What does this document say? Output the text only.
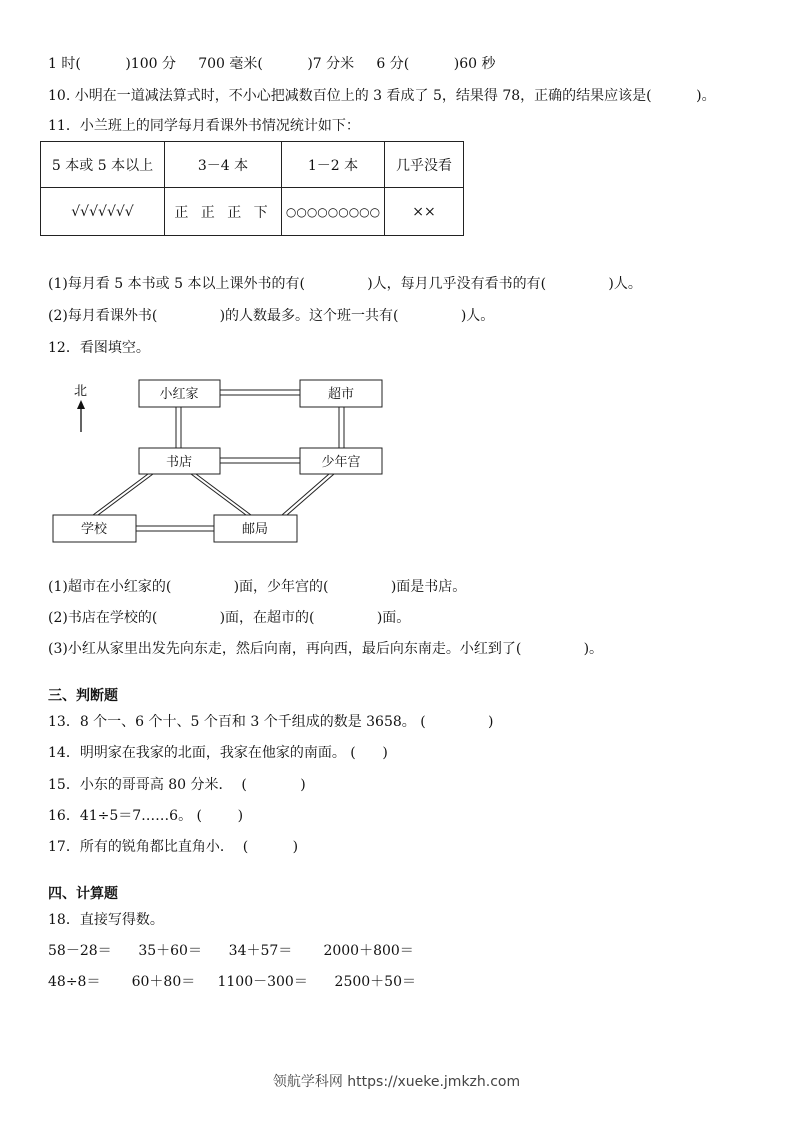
1 时(          )100 分     700 毫米(          )7 分米     6 分(          )60 秒
10. 小明在一道减法算式时，不小心把减数百位上的 3 看成了 5，结果得 78，正确的结果应该是(          )。
11．小兰班上的同学每月看课外书情况统计如下：
5 本或 5 本以上	3－4 本	1－2 本	几乎没看
√√√√√√√	正 正 正 下	○○○○○○○○○	××
(1)每月看 5 本书或 5 本以上课外书的有(              )人，每月几乎没有看书的有(              )人。
(2)每月看课外书(              )的人数最多。这个班一共有(              )人。
12．看图填空。
北	小红家	超市
书店	少年宫
学校	邮局
(1)超市在小红家的(              )面，少年宫的(              )面是书店。
(2)书店在学校的(              )面，在超市的(              )面。
(3)小红从家里出发先向东走，然后向南，再向西，最后向东南走。小红到了(              )。
三、判断题
13．8 个一、6 个十、5 个百和 3 个千组成的数是 3658。 (              )
14．明明家在我家的北面，我家在他家的南面。 (      )
15．小东的哥哥高 80 分米．  (            )
16．41÷5＝7……6。 (        )
17．所有的锐角都比直角小．  (          )
四、计算题
18．直接写得数。
58－28＝      35＋60＝      34＋57＝       2000＋800＝
48÷8＝       60＋80＝     1100－300＝      2500＋50＝
领航学科网 https://xueke.jmkzh.com
